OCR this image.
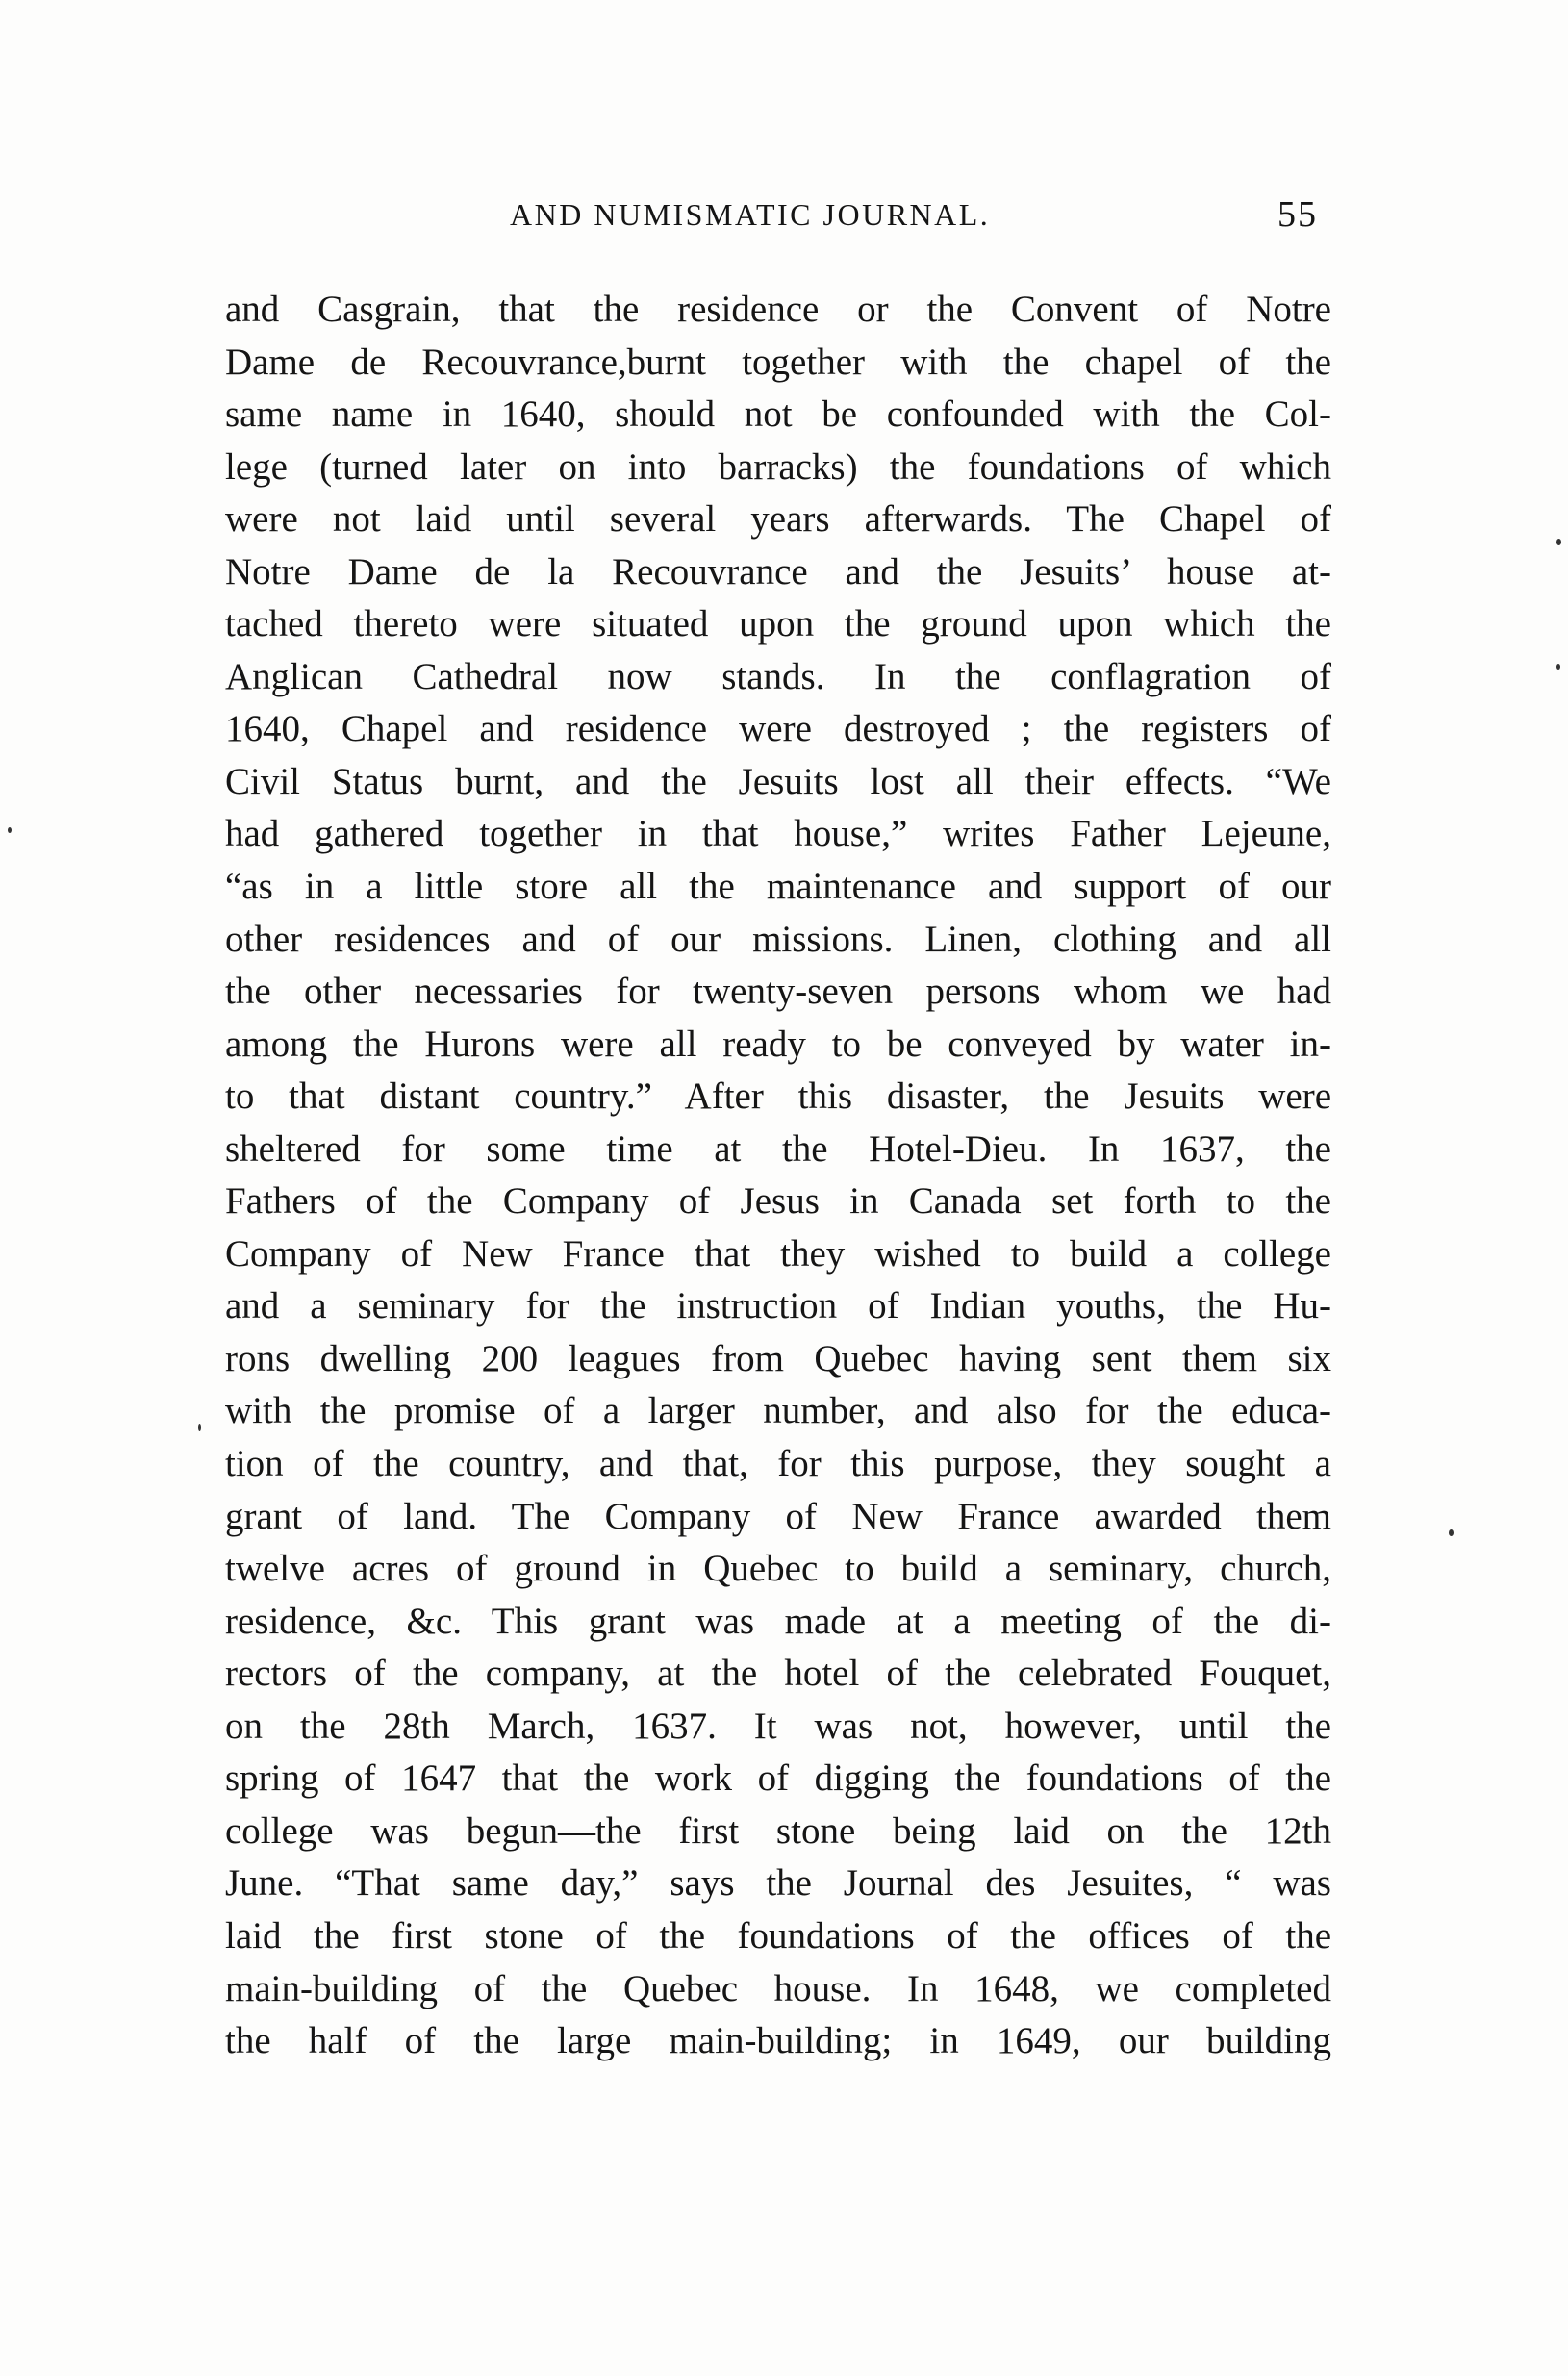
AND NUMISMATIC JOURNAL.	55
and Casgrain, that the residence or the Convent of Notre
Dame de Recouvrance,burnt together with the chapel of the
same name in 1640, should not be confounded with the Col-
lege (turned later on into barracks) the foundations of which
were not laid until several years afterwards. The Chapel of
Notre Dame de la Recouvrance and the Jesuits’ house at-
tached thereto were situated upon the ground upon which the
Anglican Cathedral now stands. In the conflagration of
1640, Chapel and residence were destroyed ; the registers of
Civil Status burnt, and the Jesuits lost all their effects. “We
had gathered together in that house,” writes Father Lejeune,
“as in a little store all the maintenance and support of our
other residences and of our missions. Linen, clothing and all
the other necessaries for twenty-seven persons whom we had
among the Hurons were all ready to be conveyed by water in-
to that distant country.” After this disaster, the Jesuits were
sheltered for some time at the Hotel-Dieu. In 1637, the
Fathers of the Company of Jesus in Canada set forth to the
Company of New France that they wished to build a college
and a seminary for the instruction of Indian youths, the Hu-
rons dwelling 200 leagues from Quebec having sent them six
with the promise of a larger number, and also for the educa-
tion of the country, and that, for this purpose, they sought a
grant of land. The Company of New France awarded them
twelve acres of ground in Quebec to build a seminary, church,
residence, &c. This grant was made at a meeting of the di-
rectors of the company, at the hotel of the celebrated Fouquet,
on the 28th March, 1637. It was not, however, until the
spring of 1647 that the work of digging the foundations of the
college was begun—the first stone being laid on the 12th
June. “That same day,” says the Journal des Jesuites, “ was
laid the first stone of the foundations of the offices of the
main-building of the Quebec house. In 1648, we completed
the half of the large main-building; in 1649, our building
